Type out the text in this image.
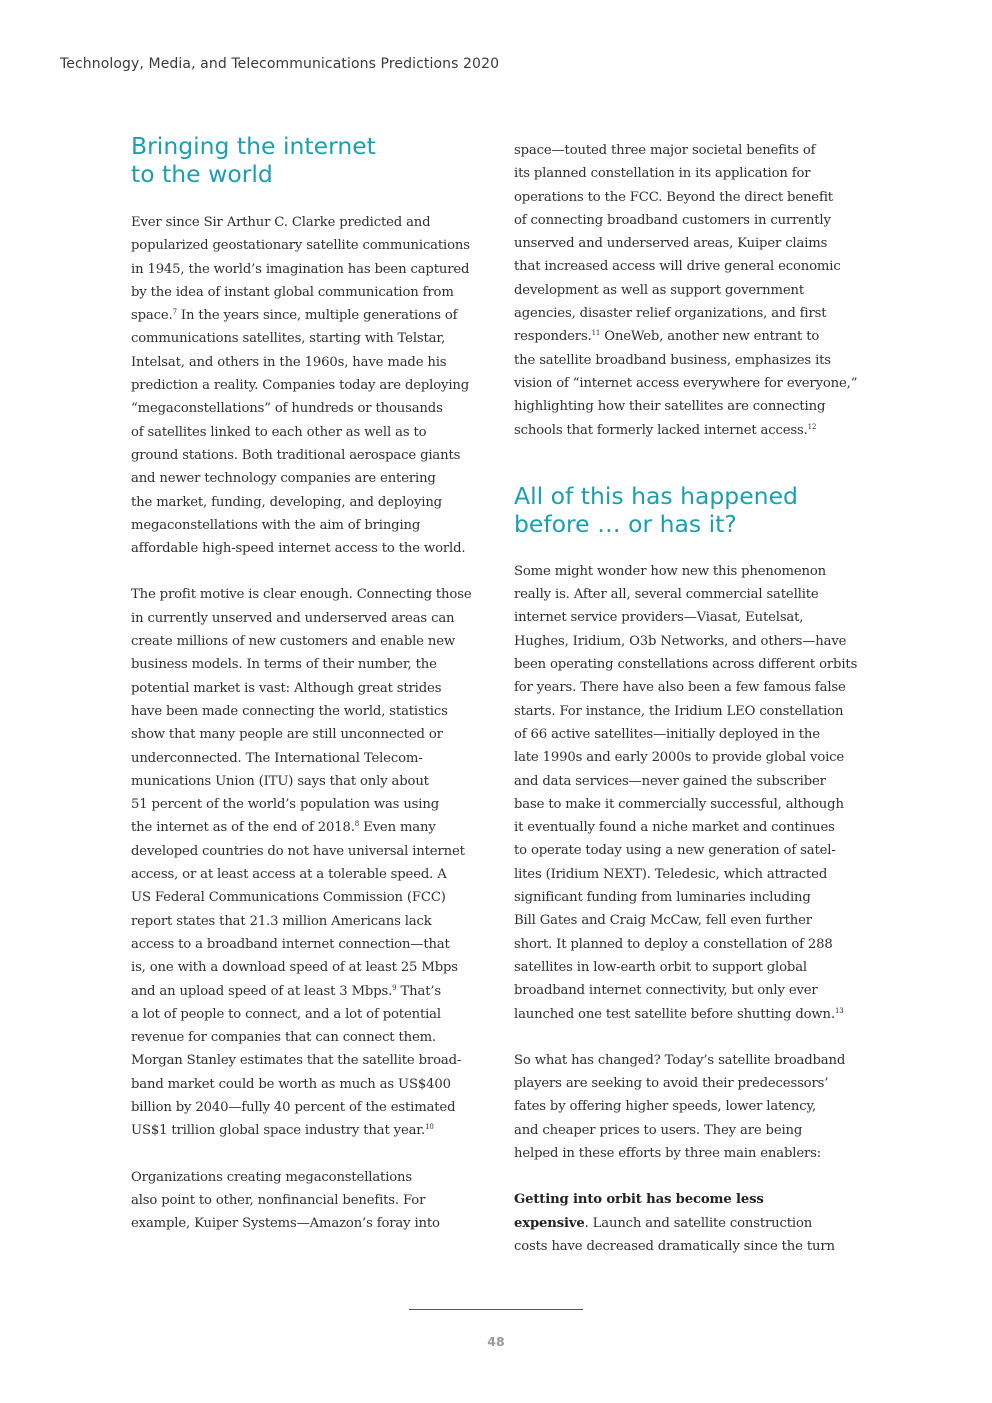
Technology, Media, and Telecommunications Predictions 2020
Bringing the internet
to the world

Ever since Sir Arthur C. Clarke predicted and
popularized geostationary satellite communications
in 1945, the world’s imagination has been captured
by the idea of instant global communication from
space.$^7$ In the years since, multiple generations of
communications satellites, starting with Telstar,
Intelsat, and others in the 1960s, have made his
prediction a reality. Companies today are deploying
“megaconstellations” of hundreds or thousands
of satellites linked to each other as well as to
ground stations. Both traditional aerospace giants
and newer technology companies are entering
the market, funding, developing, and deploying
megaconstellations with the aim of bringing
affordable high-speed internet access to the world.

The profit motive is clear enough. Connecting those
in currently unserved and underserved areas can
create millions of new customers and enable new
business models. In terms of their number, the
potential market is vast: Although great strides
have been made connecting the world, statistics
show that many people are still unconnected or
underconnected. The International Telecom-
munications Union (ITU) says that only about
51 percent of the world’s population was using
the internet as of the end of 2018.$^8$ Even many
developed countries do not have universal internet
access, or at least access at a tolerable speed. A
US Federal Communications Commission (FCC)
report states that 21.3 million Americans lack
access to a broadband internet connection—that
is, one with a download speed of at least 25 Mbps
and an upload speed of at least 3 Mbps.$^9$ That’s
a lot of people to connect, and a lot of potential
revenue for companies that can connect them.
Morgan Stanley estimates that the satellite broad-
band market could be worth as much as US$400
billion by 2040—fully 40 percent of the estimated
US$1 trillion global space industry that year.$^{10}$

Organizations creating megaconstellations
also point to other, nonfinancial benefits. For
example, Kuiper Systems—Amazon’s foray into

space—touted three major societal benefits of
its planned constellation in its application for
operations to the FCC. Beyond the direct benefit
of connecting broadband customers in currently
unserved and underserved areas, Kuiper claims
that increased access will drive general economic
development as well as support government
agencies, disaster relief organizations, and first
responders.$^{11}$ OneWeb, another new entrant to
the satellite broadband business, emphasizes its
vision of “internet access everywhere for everyone,”
highlighting how their satellites are connecting
schools that formerly lacked internet access.$^{12}$

All of this has happened
before … or has it?

Some might wonder how new this phenomenon
really is. After all, several commercial satellite
internet service providers—Viasat, Eutelsat,
Hughes, Iridium, O3b Networks, and others—have
been operating constellations across different orbits
for years. There have also been a few famous false
starts. For instance, the Iridium LEO constellation
of 66 active satellites—initially deployed in the
late 1990s and early 2000s to provide global voice
and data services—never gained the subscriber
base to make it commercially successful, although
it eventually found a niche market and continues
to operate today using a new generation of satel-
lites (Iridium NEXT). Teledesic, which attracted
significant funding from luminaries including
Bill Gates and Craig McCaw, fell even further
short. It planned to deploy a constellation of 288
satellites in low-earth orbit to support global
broadband internet connectivity, but only ever
launched one test satellite before shutting down.$^{13}$

So what has changed? Today’s satellite broadband
players are seeking to avoid their predecessors’
fates by offering higher speeds, lower latency,
and cheaper prices to users. They are being
helped in these efforts by three main enablers:

Getting into orbit has become less
expensive. Launch and satellite construction
costs have decreased dramatically since the turn

48
